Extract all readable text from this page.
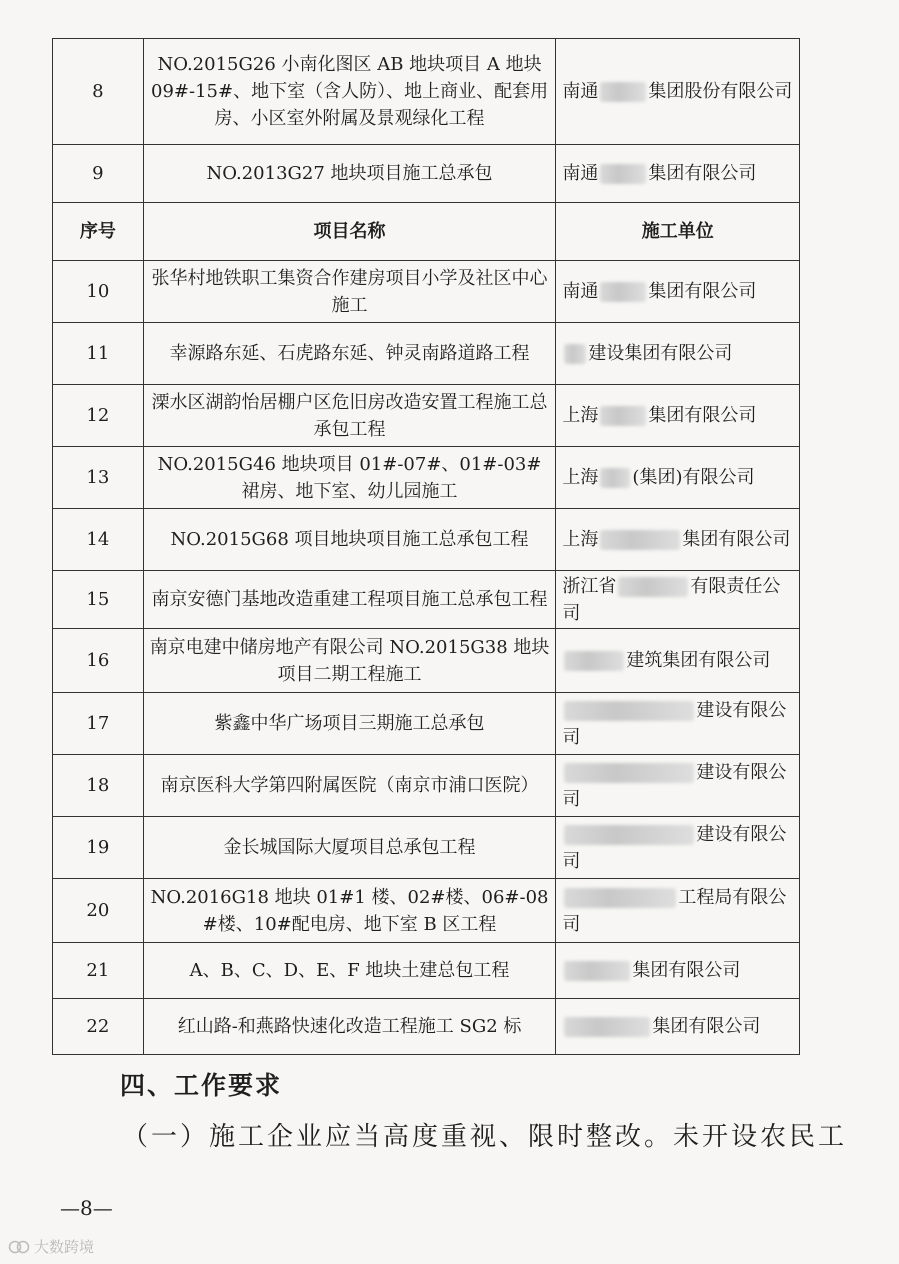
8	NO.2015G26 小南化图区 AB 地块项目 A 地块 09#-15#、地下室（含人防）、地上商业、配套用房、小区室外附属及景观绿化工程	南通 集团股份有限公司
9	NO.2013G27 地块项目施工总承包	南通 集团有限公司
序号	项目名称	施工单位
10	张华村地铁职工集资合作建房项目小学及社区中心施工	南通 集团有限公司
11	幸源路东延、石虎路东延、钟灵南路道路工程	建设集团有限公司
12	溧水区湖韵怡居棚户区危旧房改造安置工程施工总承包工程	上海 集团有限公司
13	NO.2015G46 地块项目 01#-07#、01#-03#裙房、地下室、幼儿园施工	上海 (集团)有限公司
14	NO.2015G68 项目地块项目施工总承包工程	上海 集团有限公司
15	南京安德门基地改造重建工程项目施工总承包工程	浙江省 有限责任公司
16	南京电建中储房地产有限公司 NO.2015G38 地块项目二期工程施工	建筑集团有限公司
17	紫鑫中华广场项目三期施工总承包	建设有限公司
18	南京医科大学第四附属医院（南京市浦口医院）	建设有限公司
19	金长城国际大厦项目总承包工程	建设有限公司
20	NO.2016G18 地块 01#1 楼、02#楼、06#-08#楼、10#配电房、地下室 B 区工程	工程局有限公司
21	A、B、C、D、E、F 地块土建总包工程	集团有限公司
22	红山路-和燕路快速化改造工程施工 SG2 标	集团有限公司
四、工作要求
（一）施工企业应当高度重视、限时整改。未开设农民工
—8—
大数跨境
